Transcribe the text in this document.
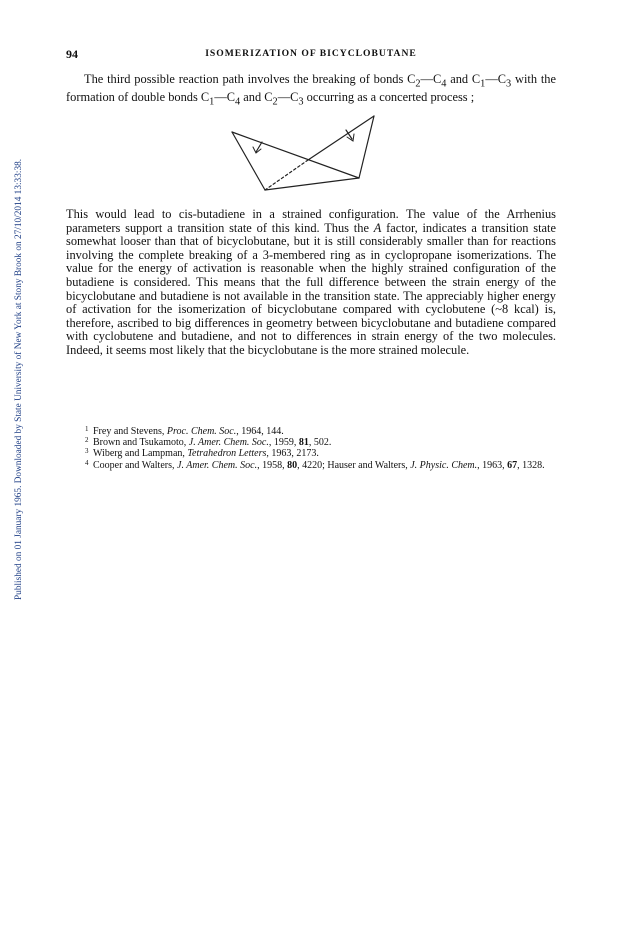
Published on 01 January 1965. Downloaded by State University of New York at Stony Brook on 27/10/2014 13:33:38.
94	ISOMERIZATION OF BICYCLOBUTANE

The third possible reaction path involves the breaking of bonds $C_2—C_4$ and $C_1—C_3$ with the formation of double bonds $C_1—C_4$ and $C_2—C_3$ occurring as a concerted process ;

This would lead to cis-butadiene in a strained configuration. The value of the Arrhenius parameters support a transition state of this kind. Thus the A factor, indicates a transition state somewhat looser than that of bicyclobutane, but it is still considerably smaller than for reactions involving the complete breaking of a 3-membered ring as in cyclopropane isomerizations. The value for the energy of activation is reasonable when the highly strained configuration of the butadiene is considered. This means that the full difference between the strain energy of the bicyclobutane and butadiene is not available in the transition state. The appreciably higher energy of activation for the isomerization of bicyclobutane compared with cyclobutene (~8 kcal) is, therefore, ascribed to big differences in geometry between bicyclobutane and butadiene compared with cyclobutene and butadiene, and not to differences in strain energy of the two molecules. Indeed, it seems most likely that the bicyclobutane is the more strained molecule.

1 Frey and Stevens, Proc. Chem. Soc., 1964, 144.
2 Brown and Tsukamoto, J. Amer. Chem. Soc., 1959, 81, 502.
3 Wiberg and Lampman, Tetrahedron Letters, 1963, 2173.
4 Cooper and Walters, J. Amer. Chem. Soc., 1958, 80, 4220; Hauser and Walters, J. Physic. Chem., 1963, 67, 1328.
